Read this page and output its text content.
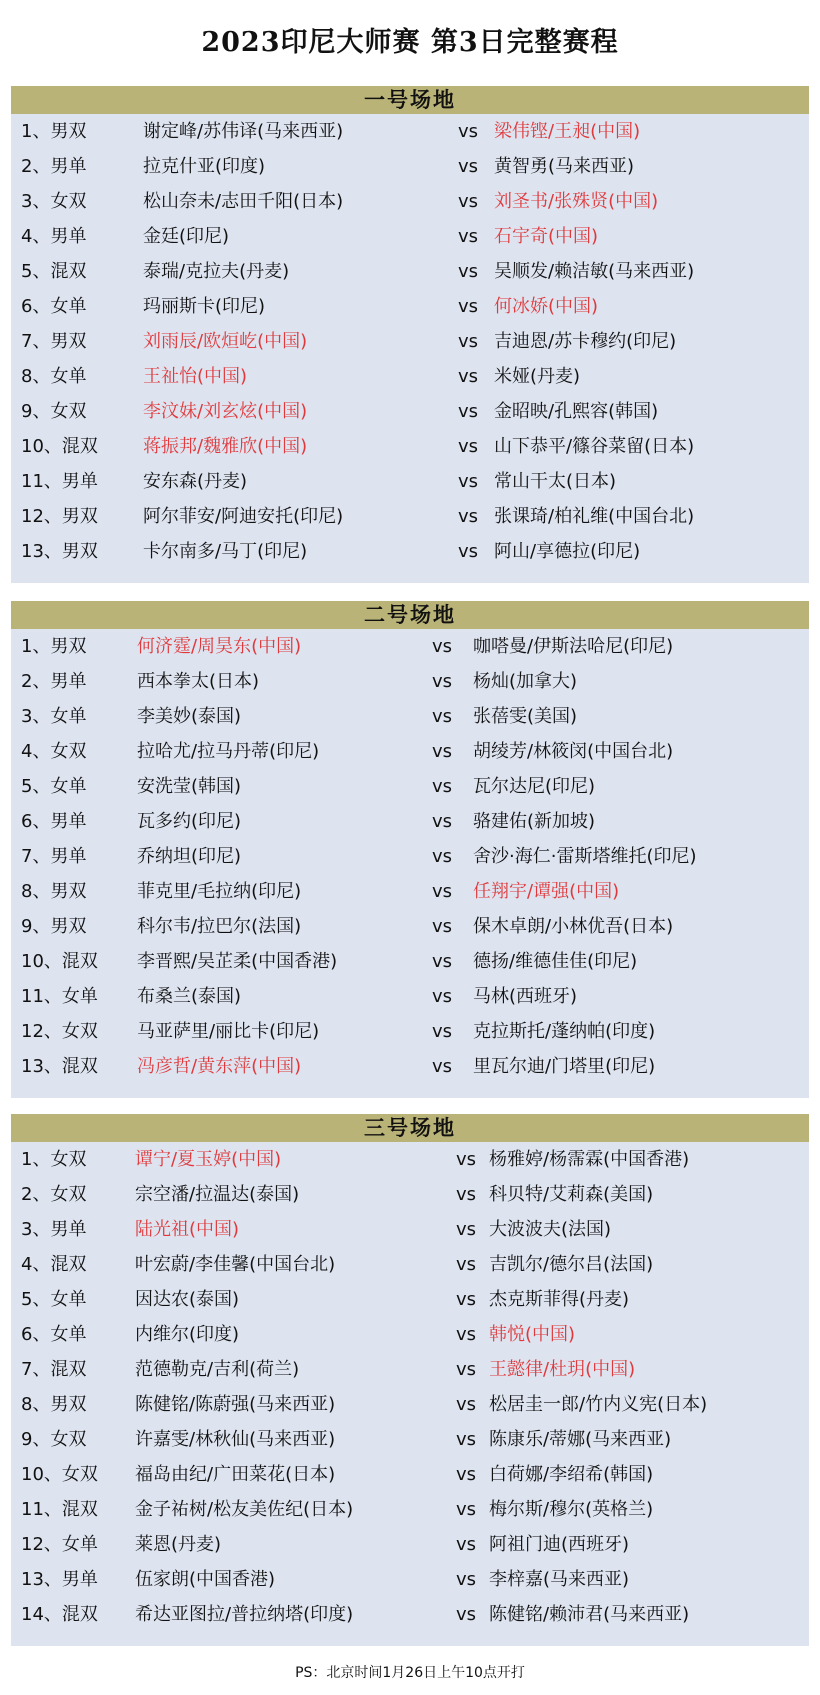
2023印尼大师赛 第3日完整赛程
一号场地
1、男双	谢定峰/苏伟译(马来西亚)	vs 梁伟铿/王昶(中国)
2、男单	拉克什亚(印度)	vs 黄智勇(马来西亚)
3、女双	松山奈未/志田千阳(日本)	vs 刘圣书/张殊贤(中国)
4、男单	金廷(印尼)	vs 石宇奇(中国)
5、混双	泰瑞/克拉夫(丹麦)	vs 吴顺发/赖洁敏(马来西亚)
6、女单	玛丽斯卡(印尼)	vs 何冰娇(中国)
7、男双	刘雨辰/欧烜屹(中国)	vs 吉迪恩/苏卡穆约(印尼)
8、女单	王祉怡(中国)	vs 米娅(丹麦)
9、女双	李汶妹/刘玄炫(中国)	vs 金昭映/孔熙容(韩国)
10、混双	蒋振邦/魏雅欣(中国)	vs 山下恭平/篠谷菜留(日本)
11、男单	安东森(丹麦)	vs 常山干太(日本)
12、男双	阿尔菲安/阿迪安托(印尼)	vs 张课琦/柏礼维(中国台北)
13、男双	卡尔南多/马丁(印尼)	vs 阿山/享德拉(印尼)
二号场地
1、男双	何济霆/周昊东(中国)	vs 咖嗒曼/伊斯法哈尼(印尼)
2、男单	西本拳太(日本)	vs 杨灿(加拿大)
3、女单	李美妙(泰国)	vs 张蓓雯(美国)
4、女双	拉哈尤/拉马丹蒂(印尼)	vs 胡绫芳/林筱闵(中国台北)
5、女单	安洗莹(韩国)	vs 瓦尔达尼(印尼)
6、男单	瓦多约(印尼)	vs 骆建佑(新加坡)
7、男单	乔纳坦(印尼)	vs 舍沙·海仁·雷斯塔维托(印尼)
8、男双	菲克里/毛拉纳(印尼)	vs 任翔宇/谭强(中国)
9、男双	科尔韦/拉巴尔(法国)	vs 保木卓朗/小林优吾(日本)
10、混双 李晋熙/吴芷柔(中国香港)	vs 德扬/维德佳佳(印尼)
11、女单 布桑兰(泰国)	vs 马林(西班牙)
12、女双 马亚萨里/丽比卡(印尼)	vs 克拉斯托/蓬纳帕(印度)
13、混双 冯彦哲/黄东萍(中国)	vs 里瓦尔迪/门塔里(印尼)
三号场地
1、女双	谭宁/夏玉婷(中国)	vs 杨雅婷/杨霈霖(中国香港)
2、女双	宗空潘/拉温达(泰国)	vs 科贝特/艾莉森(美国)
3、男单	陆光祖(中国)	vs 大波波夫(法国)
4、混双	叶宏蔚/李佳馨(中国台北)	vs 吉凯尔/德尔吕(法国)
5、女单	因达农(泰国)	vs 杰克斯菲得(丹麦)
6、女单	内维尔(印度)	vs 韩悦(中国)
7、混双	范德勒克/吉利(荷兰)	vs 王懿律/杜玥(中国)
8、男双	陈健铭/陈蔚强(马来西亚)	vs 松居圭一郎/竹内义宪(日本)
9、女双	许嘉雯/林秋仙(马来西亚)	vs 陈康乐/蒂娜(马来西亚)
10、女双 福岛由纪/广田菜花(日本)	vs 白荷娜/李绍希(韩国)
11、混双 金子祐树/松友美佐纪(日本)	vs 梅尔斯/穆尔(英格兰)
12、女单 莱恩(丹麦)	vs 阿祖门迪(西班牙)
13、男单 伍家朗(中国香港)	vs 李梓嘉(马来西亚)
14、混双 希达亚图拉/普拉纳塔(印度)	vs 陈健铭/赖沛君(马来西亚)
PS：北京时间1月26日上午10点开打
